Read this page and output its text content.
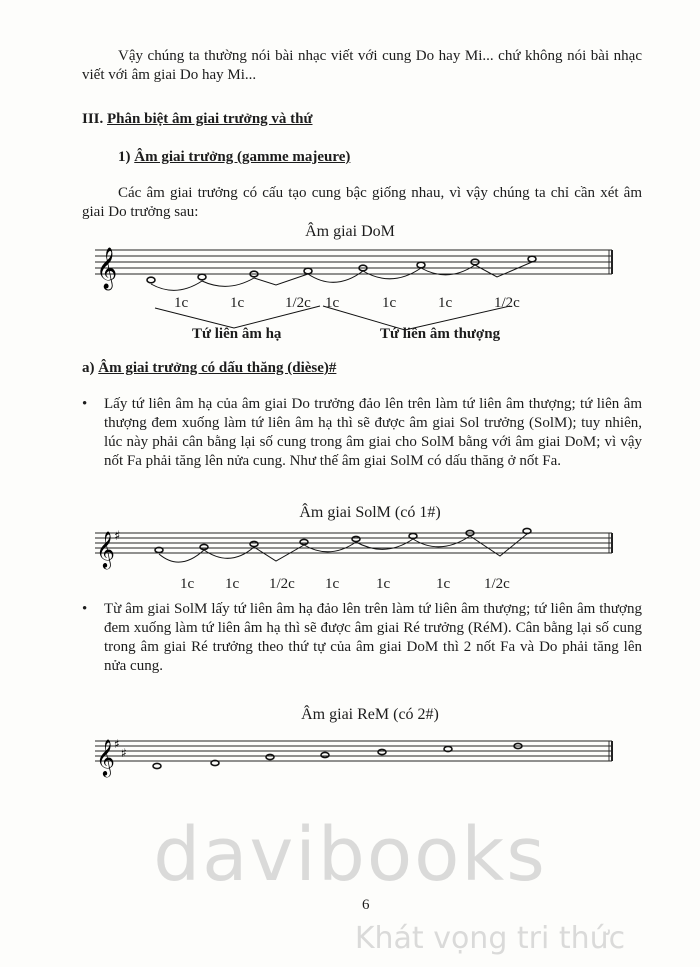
Vậy chúng ta thường nói bài nhạc viết với cung Do hay Mi... chứ không nói bài nhạc viết với âm giai Do hay Mi...
III. Phân biệt âm giai trưởng và thứ
1) Âm giai trưởng (gamme majeure)
Các âm giai trưởng có cấu tạo cung bậc giống nhau, vì vậy chúng ta chỉ cần xét âm giai Do trưởng sau:
Âm giai DoM
𝄞
𝄞 ♯
𝄞 ♯
♯
1c	1c	1/2c 1c	1c	1c	1/2c
Tứ liên âm hạ	Tứ liên âm thượng
a) Âm giai trưởng có dấu thăng (dièse)#
• Lấy tứ liên âm hạ của âm giai Do trưởng đảo lên trên làm tứ liên âm thượng; tứ liên âm thượng đem xuống làm tứ liên âm hạ thì sẽ được âm giai Sol trưởng (SolM); tuy nhiên, lúc này phải cân bằng lại số cung trong âm giai cho SolM bằng với âm giai DoM; vì vậy nốt Fa phải tăng lên nửa cung. Như thế âm giai SolM có dấu thăng ở nốt Fa.
Âm giai SolM (có 1#)
1c 1c 1/2c 1c 1c	1c 1/2c
• Từ âm giai SolM lấy tứ liên âm hạ đảo lên trên làm tứ liên âm thượng; tứ liên âm thượng đem xuống làm tứ liên âm hạ thì sẽ được âm giai Ré trưởng (RéM). Cân bằng lại số cung trong âm giai Ré trưởng theo thứ tự của âm giai DoM thì 2 nốt Fa và Do phải tăng lên nửa cung.
Âm giai ReM (có 2#)
davibooks
6
Khát vọng tri thức
